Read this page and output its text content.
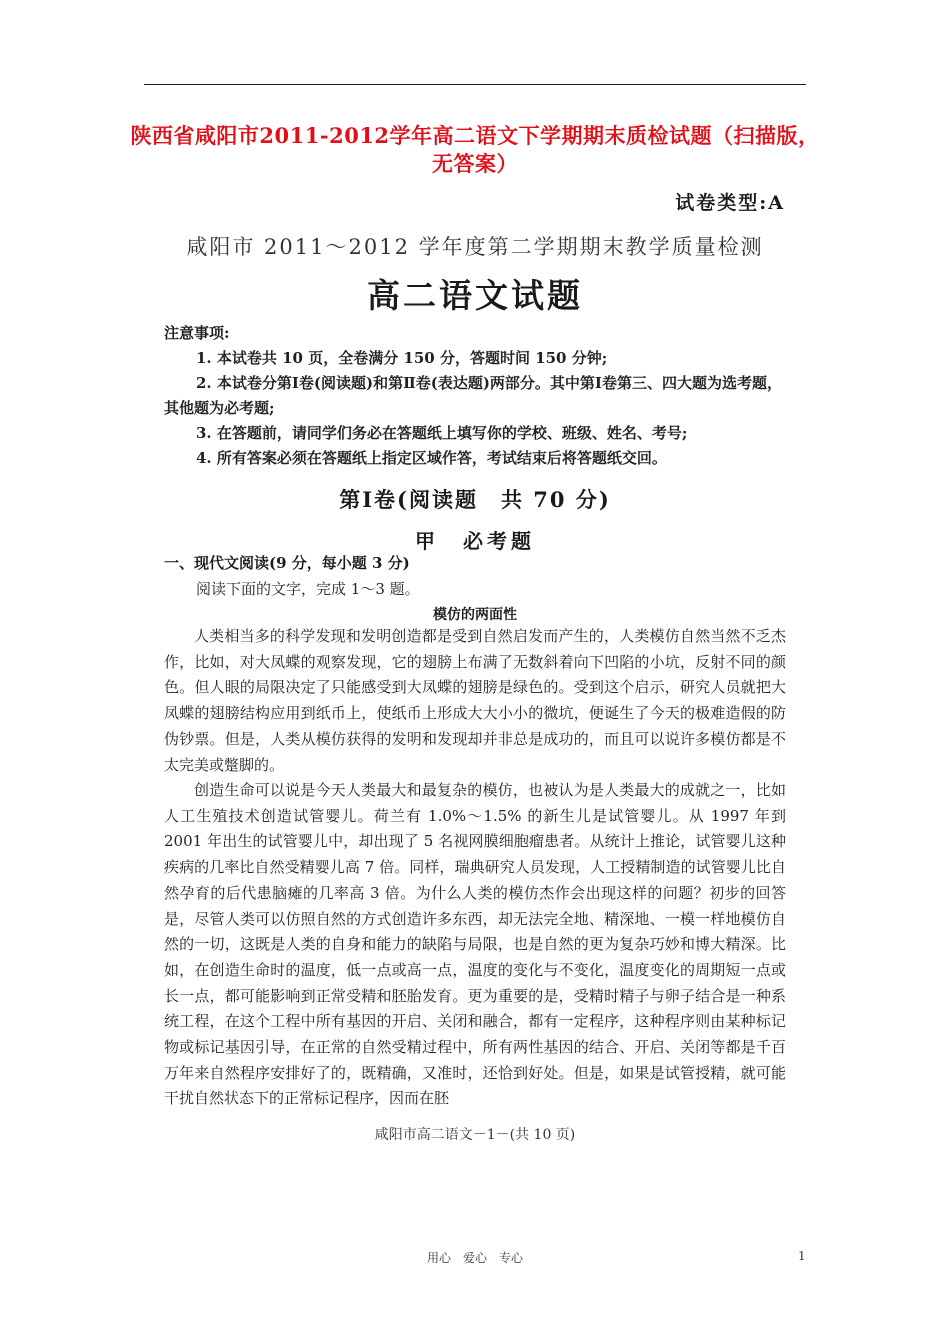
陕西省咸阳市2011-2012学年高二语文下学期期末质检试题（扫描版，无答案）
试卷类型:A
咸阳市 2011～2012 学年度第二学期期末教学质量检测
高二语文试题
注意事项:
1. 本试卷共 10 页，全卷满分 150 分，答题时间 150 分钟;
2. 本试卷分第Ⅰ卷(阅读题)和第Ⅱ卷(表达题)两部分。其中第Ⅰ卷第三、四大题为选考题，其他题为必考题;
3. 在答题前，请同学们务必在答题纸上填写你的学校、班级、姓名、考号;
4. 所有答案必须在答题纸上指定区域作答，考试结束后将答题纸交回。
第Ⅰ卷(阅读题　共 70 分)
甲　必考题
一、现代文阅读(9 分，每小题 3 分)
阅读下面的文字，完成 1～3 题。
模仿的两面性
人类相当多的科学发现和发明创造都是受到自然启发而产生的，人类模仿自然当然不乏杰作，比如，对大凤蝶的观察发现，它的翅膀上布满了无数斜着向下凹陷的小坑，反射不同的颜色。但人眼的局限决定了只能感受到大凤蝶的翅膀是绿色的。受到这个启示，研究人员就把大凤蝶的翅膀结构应用到纸币上，使纸币上形成大大小小的微坑，便诞生了今天的极难造假的防伪钞票。但是，人类从模仿获得的发明和发现却并非总是成功的，而且可以说许多模仿都是不太完美或蹩脚的。
创造生命可以说是今天人类最大和最复杂的模仿，也被认为是人类最大的成就之一，比如人工生殖技术创造试管婴儿。荷兰有 1.0%～1.5% 的新生儿是试管婴儿。从 1997 年到 2001 年出生的试管婴儿中，却出现了 5 名视网膜细胞瘤患者。从统计上推论，试管婴儿这种疾病的几率比自然受精婴儿高 7 倍。同样，瑞典研究人员发现，人工授精制造的试管婴儿比自然孕育的后代患脑瘫的几率高 3 倍。为什么人类的模仿杰作会出现这样的问题？初步的回答是，尽管人类可以仿照自然的方式创造许多东西，却无法完全地、精深地、一模一样地模仿自然的一切，这既是人类的自身和能力的缺陷与局限，也是自然的更为复杂巧妙和博大精深。比如，在创造生命时的温度，低一点或高一点，温度的变化与不变化，温度变化的周期短一点或长一点，都可能影响到正常受精和胚胎发育。更为重要的是，受精时精子与卵子结合是一种系统工程，在这个工程中所有基因的开启、关闭和融合，都有一定程序，这种程序则由某种标记物或标记基因引导，在正常的自然受精过程中，所有两性基因的结合、开启、关闭等都是千百万年来自然程序安排好了的，既精确，又准时，还恰到好处。但是，如果是试管授精，就可能干扰自然状态下的正常标记程序，因而在胚
咸阳市高二语文－1－(共 10 页)
用心　爱心　专心	1
